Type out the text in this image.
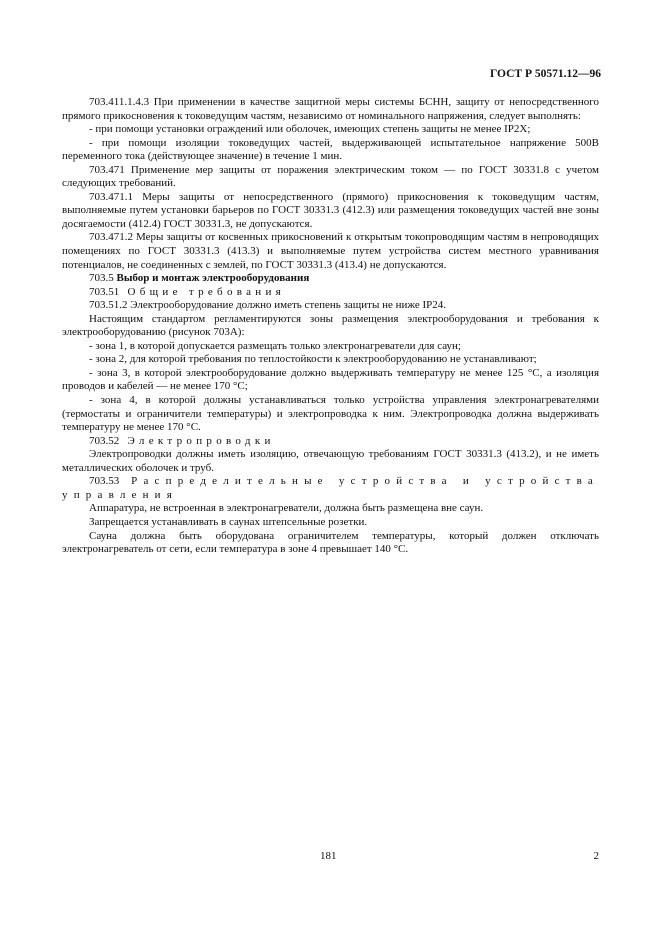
ГОСТ Р 50571.12—96

703.411.1.4.3 При применении в качестве защитной меры системы БСНН, защиту от непосредственного прямого прикосновения к токоведущим частям, независимо от номинального напряжения, следует выполнять:

- при помощи установки ограждений или оболочек, имеющих степень защиты не менее IP2X;

- при помощи изоляции токоведущих частей, выдерживающей испытательное напряжение 500В переменного тока (действующее значение) в течение 1 мин.

703.471 Применение мер защиты от поражения электрическим током — по ГОСТ 30331.8 с учетом следующих требований.

703.471.1 Меры защиты от непосредственного (прямого) прикосновения к токоведущим частям, выполняемые путем установки барьеров по ГОСТ 30331.3 (412.3) или размещения токоведущих частей вне зоны досягаемости (412.4) ГОСТ 30331.3, не допускаются.

703.471.2 Меры защиты от косвенных прикосновений к открытым токопроводящим частям в непроводящих помещениях по ГОСТ 30331.3 (413.3) и выполняемые путем устройства систем местного уравнивания потенциалов, не соединенных с землей, по ГОСТ 30331.3 (413.4) не допускаются.

703.5 Выбор и монтаж электрооборудования

703.51 Общие требования

703.51.2 Электрооборудование должно иметь степень защиты не ниже IP24.

Настоящим стандартом регламентируются зоны размещения электрооборудования и требования к электрооборудованию (рисунок 703А):

- зона 1, в которой допускается размещать только электронагреватели для саун;

- зона 2, для которой требования по теплостойкости к электрооборудованию не устанавливают;

- зона 3, в которой электрооборудование должно выдерживать температуру не менее 125 °С, а изоляция проводов и кабелей — не менее 170 °С;

- зона 4, в которой должны устанавливаться только устройства управления электронагревателями (термостаты и ограничители температуры) и электропроводка к ним. Электропроводка должна выдерживать температуру не менее 170 °С.

703.52 Электропроводки

Электропроводки должны иметь изоляцию, отвечающую требованиям ГОСТ 30331.3 (413.2), и не иметь металлических оболочек и труб.

703.53 Распределительные устройства и устройства управления

Аппаратура, не встроенная в электронагреватели, должна быть размещена вне саун.

Запрещается устанавливать в саунах штепсельные розетки.

Сауна должна быть оборудована ограничителем температуры, который должен отключать электронагреватель от сети, если температура в зоне 4 превышает 140 °С.

181	2
